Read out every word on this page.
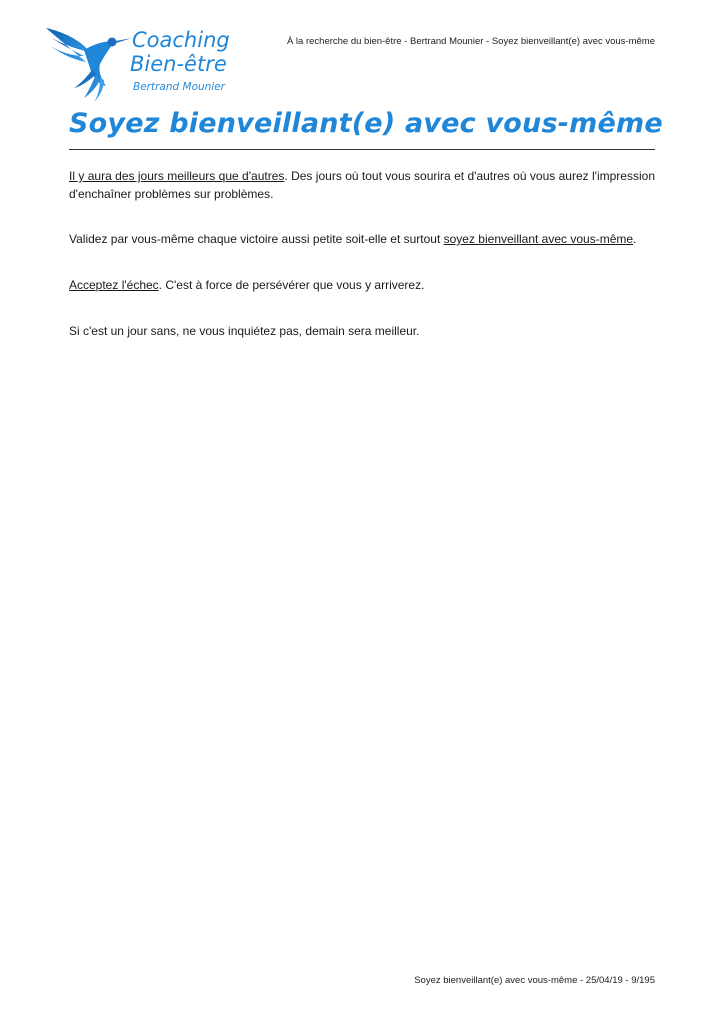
Coaching
Bien-être
Bertrand Mounier
À la recherche du bien-être - Bertrand Mounier - Soyez bienveillant(e) avec vous-même
Soyez bienveillant(e) avec vous-même

Il y aura des jours meilleurs que d'autres. Des jours où tout vous sourira et d'autres où vous aurez l'impression d'enchaîner problèmes sur problèmes.

Validez par vous-même chaque victoire aussi petite soit-elle et surtout soyez bienveillant avec vous-même.

Acceptez l'échec. C'est à force de persévérer que vous y arriverez.

Si c'est un jour sans, ne vous inquiétez pas, demain sera meilleur.

Soyez bienveillant(e) avec vous-même - 25/04/19 - 9/195
